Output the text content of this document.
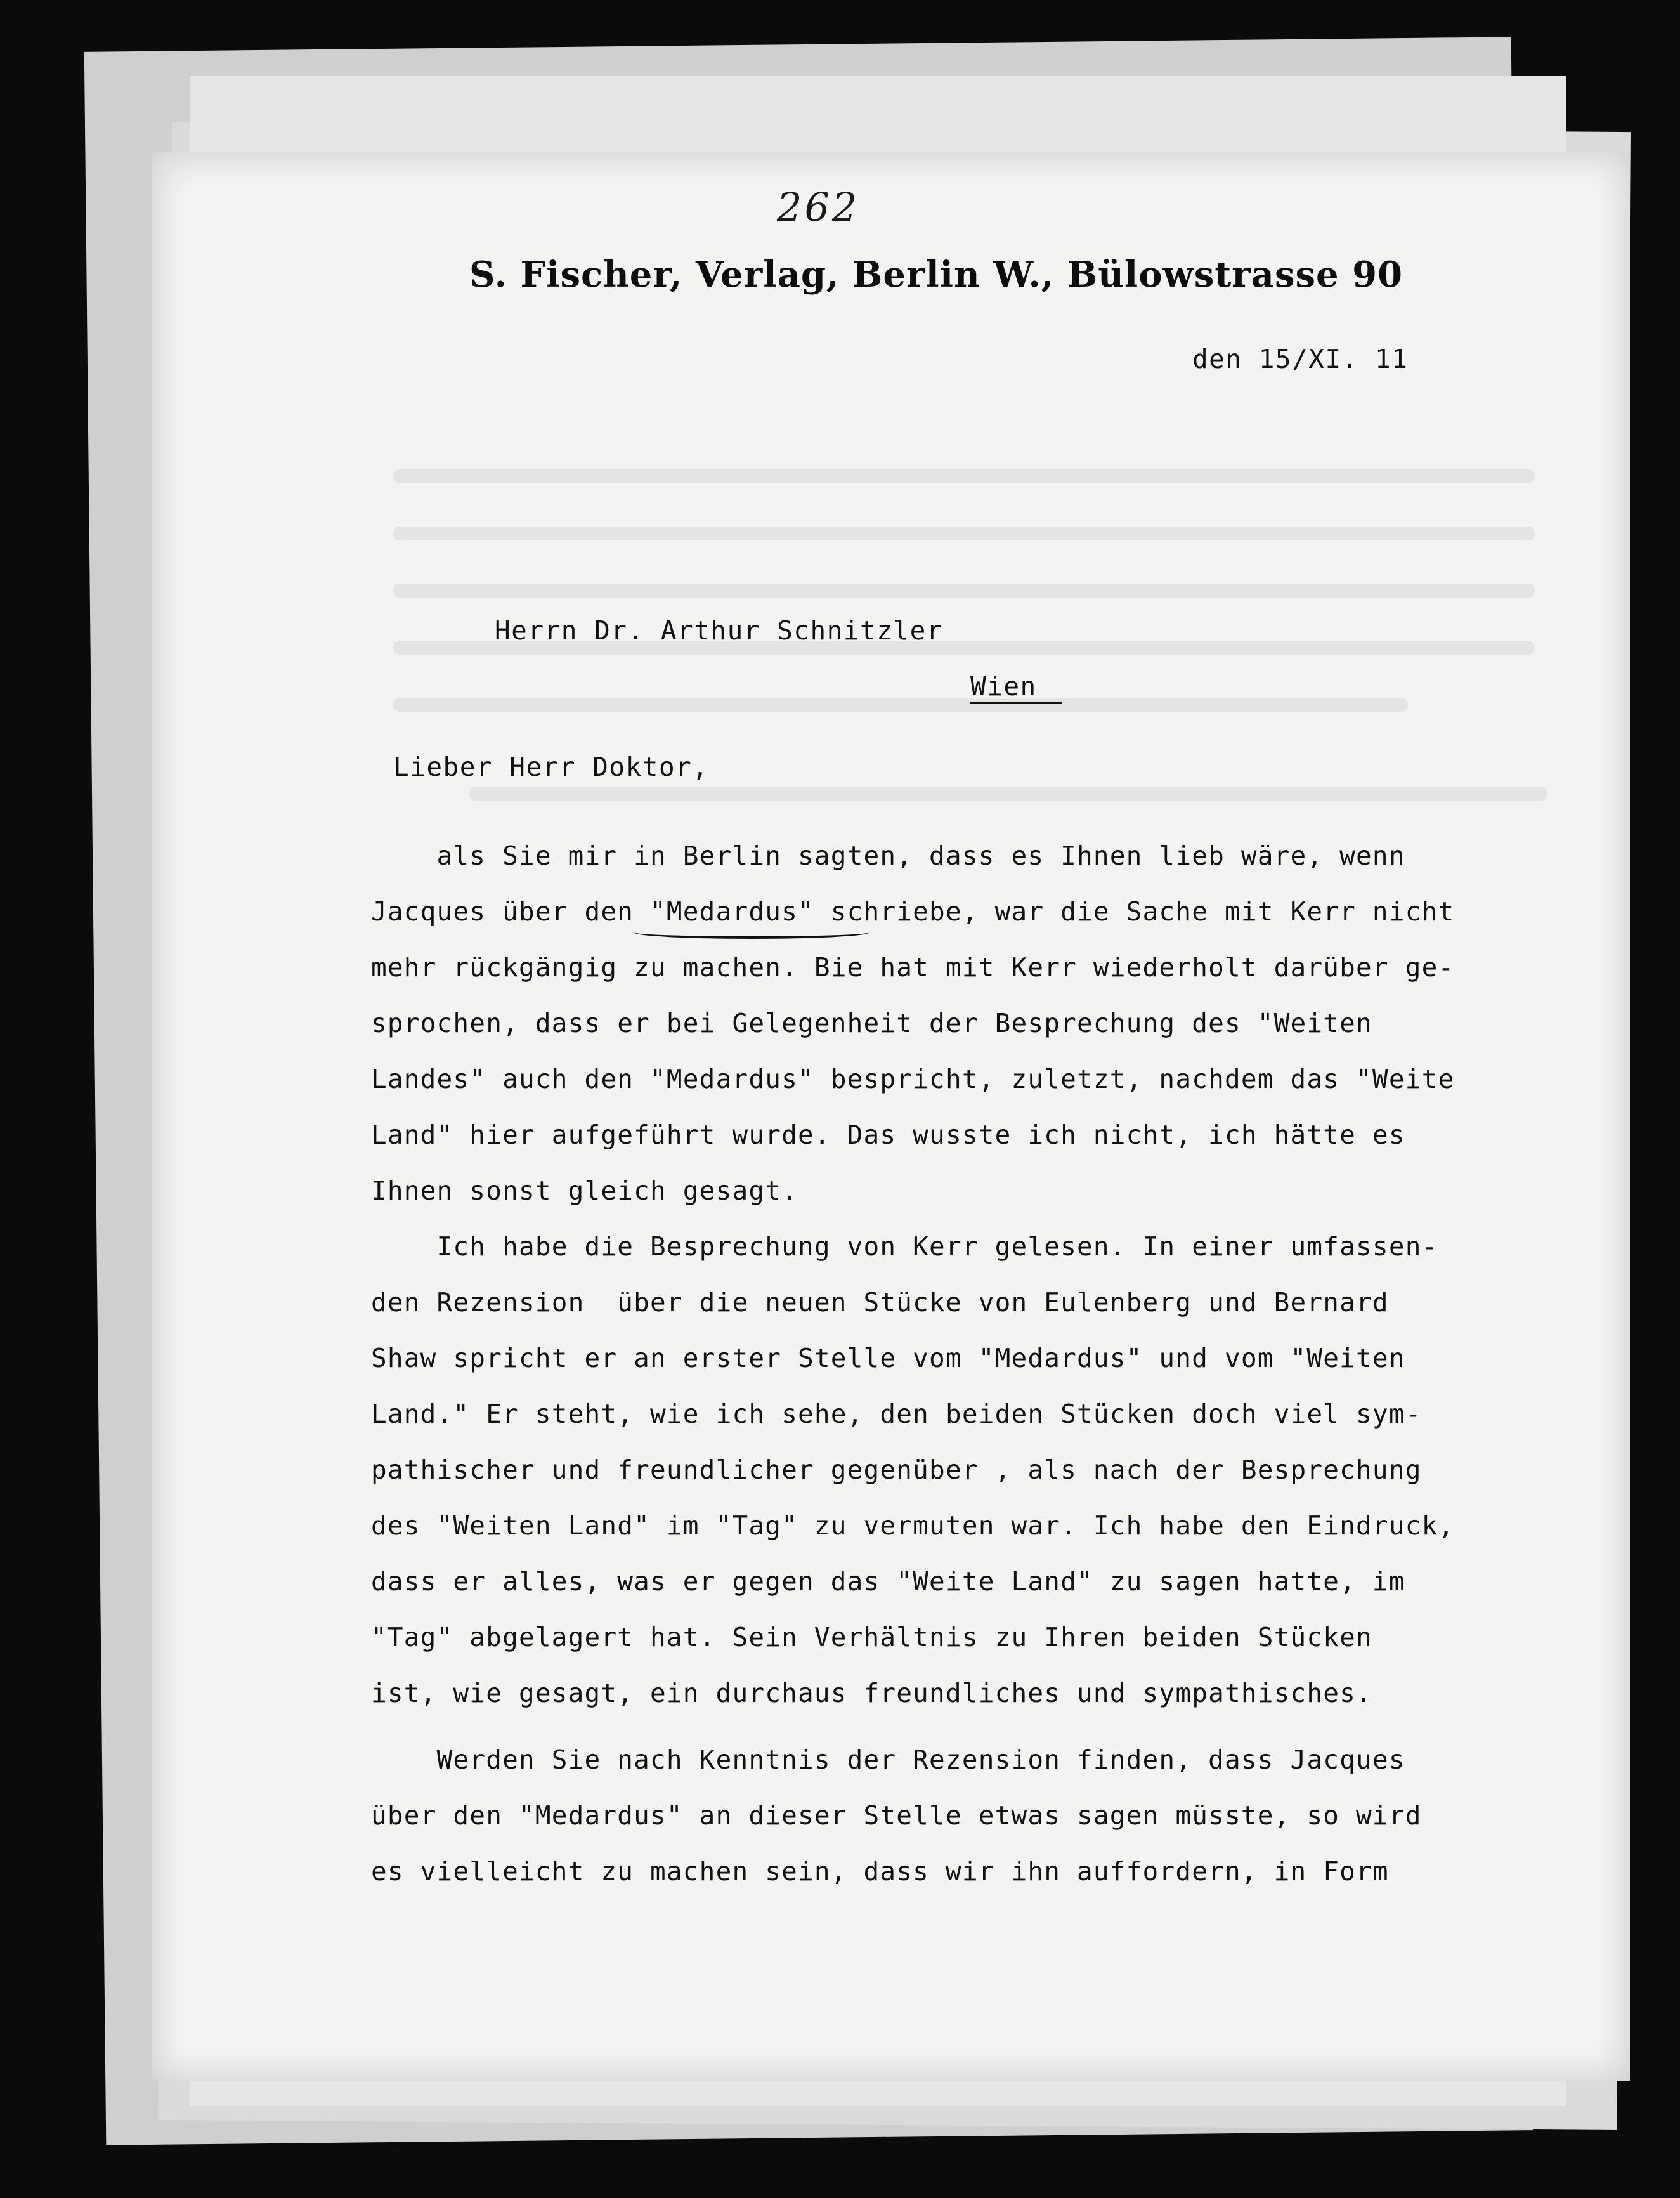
262
S. Fischer, Verlag, Berlin W., Bülowstrasse 90
den 15/XI. 11
Herrn Dr. Arthur Schnitzler
Wien
Lieber Herr Doktor,
als Sie mir in Berlin sagten, dass es Ihnen lieb wäre, wenn
Jacques über den "Medardus" schriebe, war die Sache mit Kerr nicht
mehr rückgängig zu machen. Bie hat mit Kerr wiederholt darüber ge-
sprochen, dass er bei Gelegenheit der Besprechung des "Weiten
Landes" auch den "Medardus" bespricht, zuletzt, nachdem das "Weite
Land" hier aufgeführt wurde. Das wusste ich nicht, ich hätte es
Ihnen sonst gleich gesagt.
Ich habe die Besprechung von Kerr gelesen. In einer umfassen-
den Rezension  über die neuen Stücke von Eulenberg und Bernard
Shaw spricht er an erster Stelle vom "Medardus" und vom "Weiten
Land." Er steht, wie ich sehe, den beiden Stücken doch viel sym-
pathischer und freundlicher gegenüber , als nach der Besprechung
des "Weiten Land" im "Tag" zu vermuten war. Ich habe den Eindruck,
dass er alles, was er gegen das "Weite Land" zu sagen hatte, im
"Tag" abgelagert hat. Sein Verhältnis zu Ihren beiden Stücken
ist, wie gesagt, ein durchaus freundliches und sympathisches.
Werden Sie nach Kenntnis der Rezension finden, dass Jacques
über den "Medardus" an dieser Stelle etwas sagen müsste, so wird
es vielleicht zu machen sein, dass wir ihn auffordern, in Form
